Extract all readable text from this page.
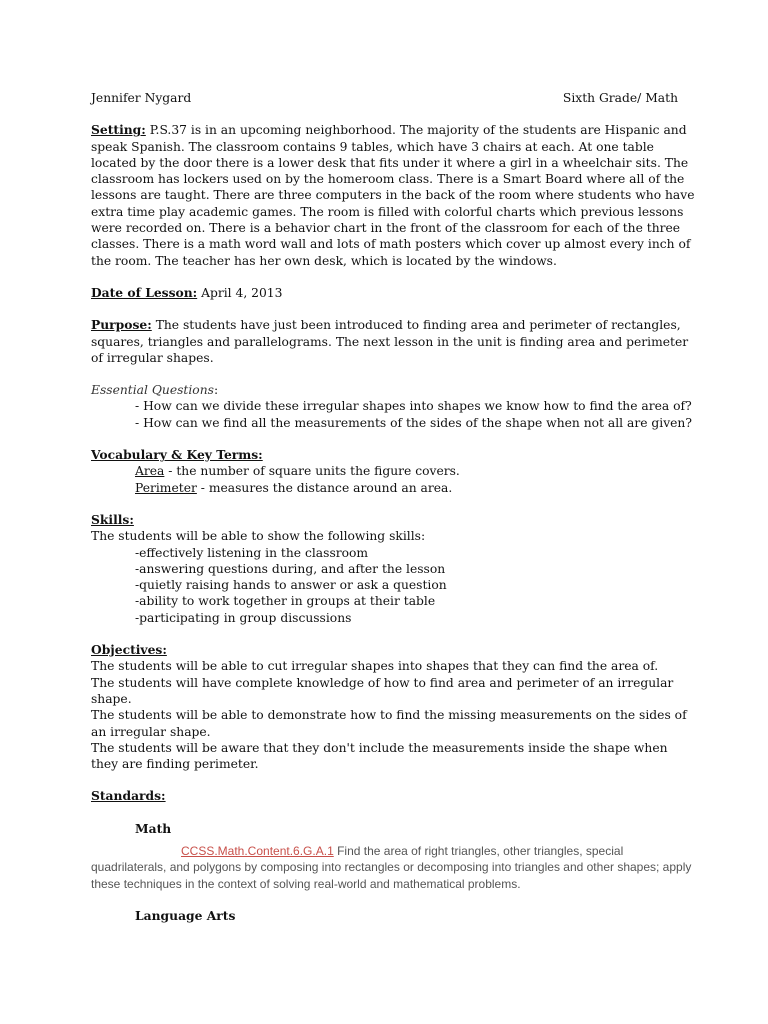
Jennifer Nygard	Sixth Grade/ Math

Setting: P.S.37 is in an upcoming neighborhood. The majority of the students are Hispanic and speak Spanish. The classroom contains 9 tables, which have 3 chairs at each. At one table located by the door there is a lower desk that fits under it where a girl in a wheelchair sits. The classroom has lockers used on by the homeroom class. There is a Smart Board where all of the lessons are taught. There are three computers in the back of the room where students who have extra time play academic games. The room is filled with colorful charts which previous lessons were recorded on. There is a behavior chart in the front of the classroom for each of the three classes. There is a math word wall and lots of math posters which cover up almost every inch of the room. The teacher has her own desk, which is located by the windows.

Date of Lesson: April 4, 2013

Purpose: The students have just been introduced to finding area and perimeter of rectangles, squares, triangles and parallelograms. The next lesson in the unit is finding area and perimeter of irregular shapes.

Essential Questions:

- How can we divide these irregular shapes into shapes we know how to find the area of?
- How can we find all the measurements of the sides of the shape when not all are given?

Vocabulary & Key Terms:

Area - the number of square units the figure covers.
Perimeter - measures the distance around an area.

Skills:

The students will be able to show the following skills:

-effectively listening in the classroom
-answering questions during, and after the lesson
-quietly raising hands to answer or ask a question
-ability to work together in groups at their table
-participating in group discussions

Objectives:

The students will be able to cut irregular shapes into shapes that they can find the area of.

The students will have complete knowledge of how to find area and perimeter of an irregular shape.

The students will be able to demonstrate how to find the missing measurements on the sides of an irregular shape.

The students will be aware that they don't include the measurements inside the shape when they are finding perimeter.

Standards:

Math

CCSS.Math.Content.6.G.A.1 Find the area of right triangles, other triangles, special
quadrilaterals, and polygons by composing into rectangles or decomposing into triangles and other shapes; apply these techniques in the context of solving real-world and mathematical problems.

Language Arts
